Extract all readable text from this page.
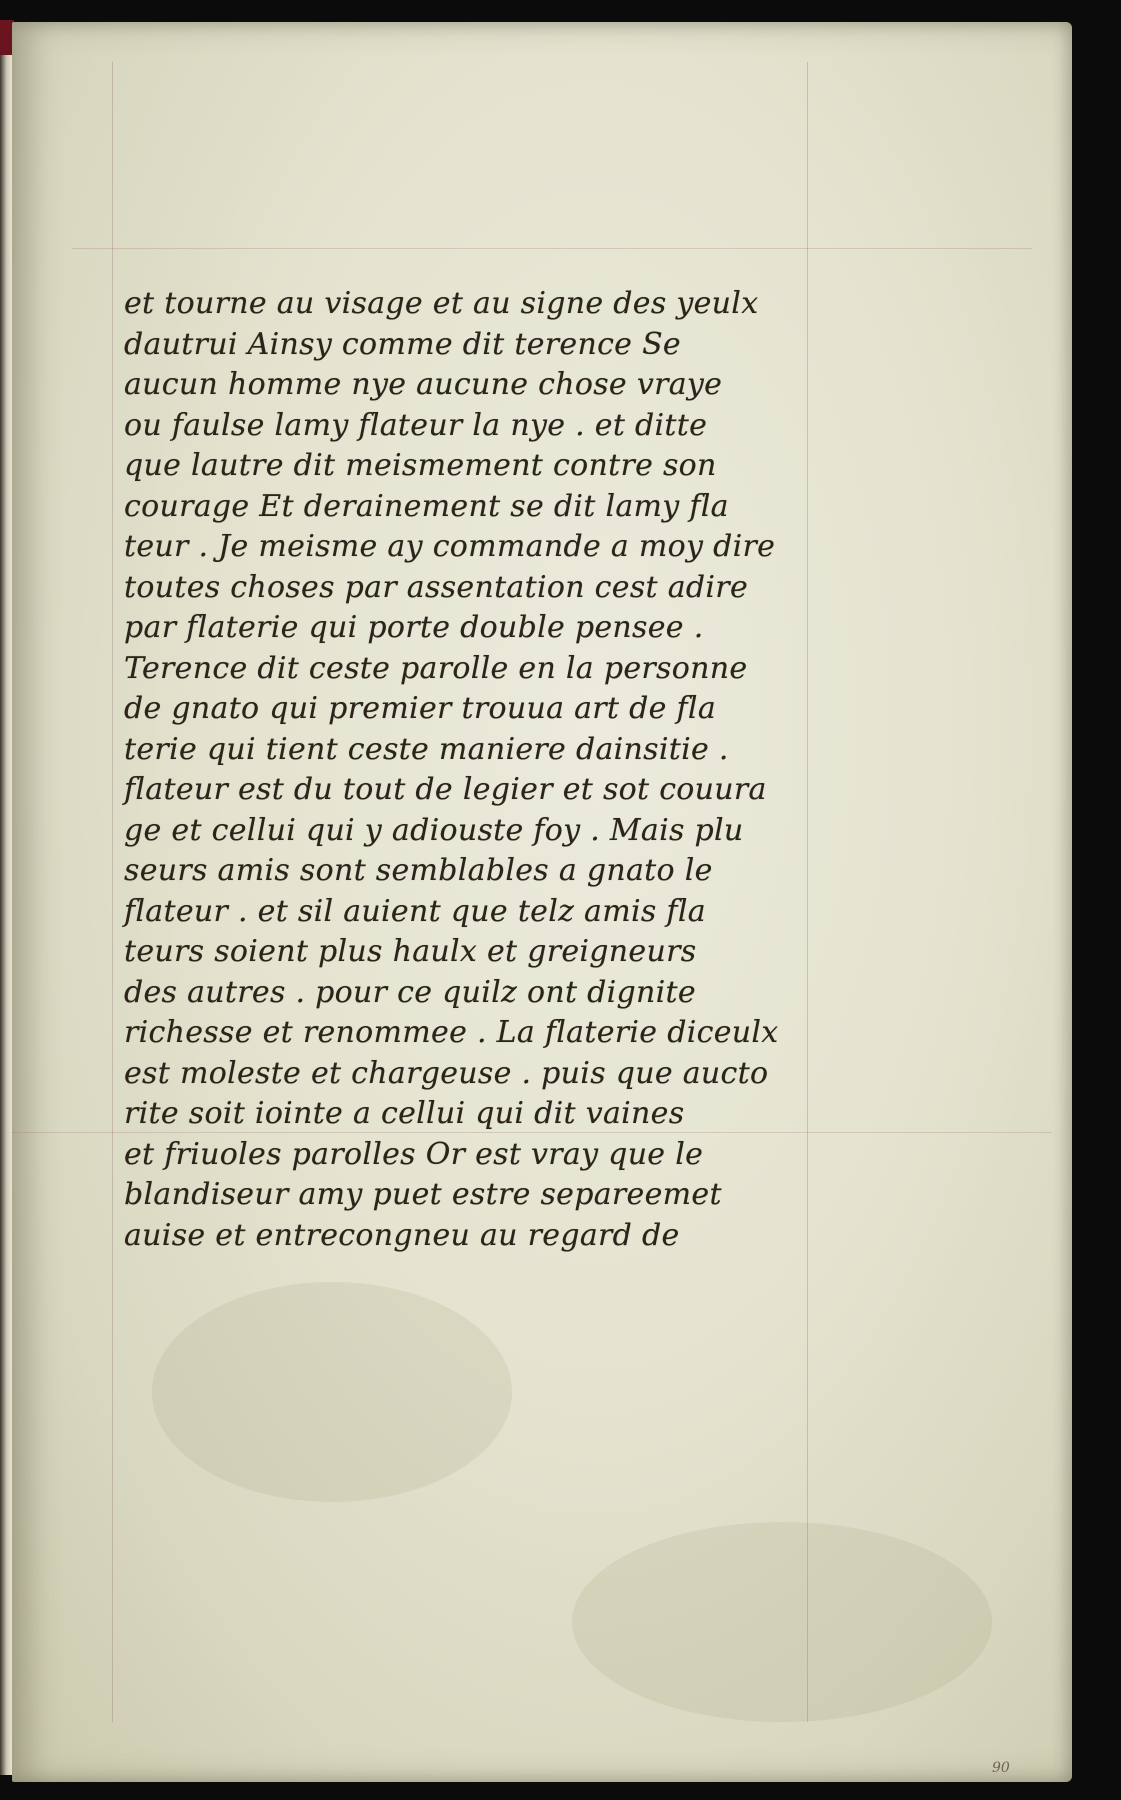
et tourne au visage et au signe des yeulx
dautrui Ainsy comme dit terence Se
aucun homme nye aucune chose vraye
ou faulse lamy flateur la nye . et ditte
que lautre dit meismement contre son
courage Et derainement se dit lamy fla
teur . Je meisme ay commande a moy dire
toutes choses par assentation cest adire
par flaterie qui porte double pensee .
Terence dit ceste parolle en la personne
de gnato qui premier trouua art de fla
terie qui tient ceste maniere dainsitie .
flateur est du tout de legier et sot couura
ge et cellui qui y adiouste foy . Mais plu
seurs amis sont semblables a gnato le
flateur . et sil auient que telz amis fla
teurs soient plus haulx et greigneurs
des autres . pour ce quilz ont dignite
richesse et renommee . La flaterie diceulx
est moleste et chargeuse . puis que aucto
rite soit iointe a cellui qui dit vaines
et friuoles parolles Or est vray que le
blandiseur amy puet estre separeemet
auise et entrecongneu au regard de
90
